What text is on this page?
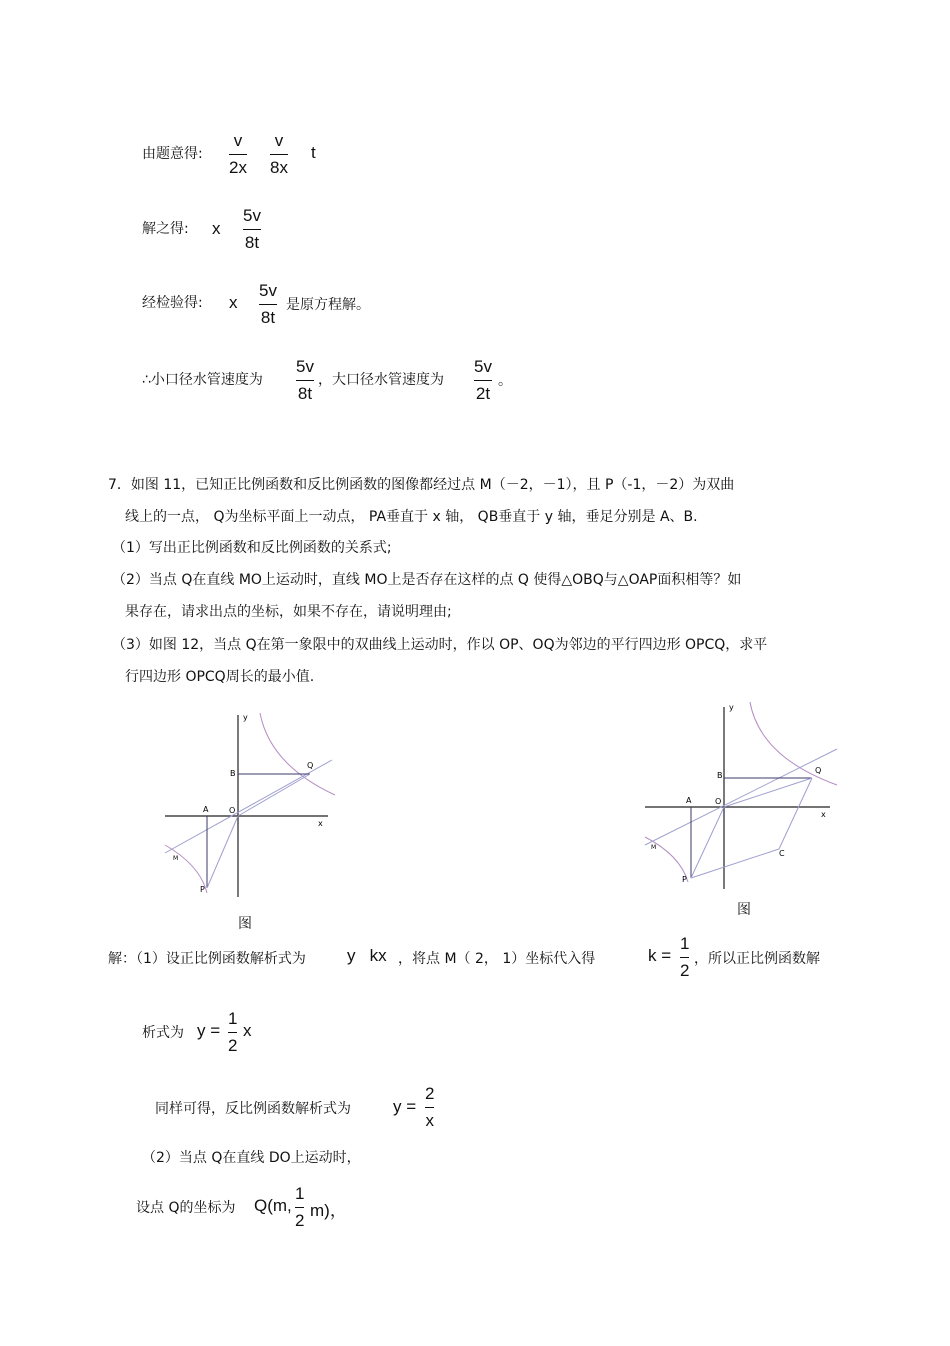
由题意得:
v
2x
v
8x
t
解之得: x
5v
8t
经检验得: x
5v
8t
是原方程解。
∴小口径水管速度为
5v
8t
，大口径水管速度为
5v
2t
。
7．如图 11，已知正比例函数和反比例函数的图像都经过点 M（－2，－1），且 P（-1，－2）为双曲
线上的一点， Q为坐标平面上一动点， PA垂直于 x 轴， QB垂直于 y 轴，垂足分别是 A、B.
（1）写出正比例函数和反比例函数的关系式;
（2）当点 Q在直线 MO上运动时，直线 MO上是否存在这样的点 Q 使得△OBQ与△OAP面积相等？如
果存在，请求出点的坐标，如果不存在，请说明理由;
（3）如图 12，当点 Q在第一象限中的双曲线上运动时，作以 OP、OQ为邻边的平行四边形 OPCQ，求平
行四边形 OPCQ周长的最小值.
y
x
B
Q
A	O
M
P
图
y
x
B
Q
A	O
M
P
C
图
解：（1）设正比例函数解析式为 y   kx ，将点 M（ 2， 1）坐标代入得	k =
1
2
，所以正比例函数解
析式为 y =
1
2
x
同样可得，反比例函数解析式为 y =
2
x
（2）当点 Q在直线 DO上运动时，
设点 Q的坐标为 Q(m,
1
2
m)，
